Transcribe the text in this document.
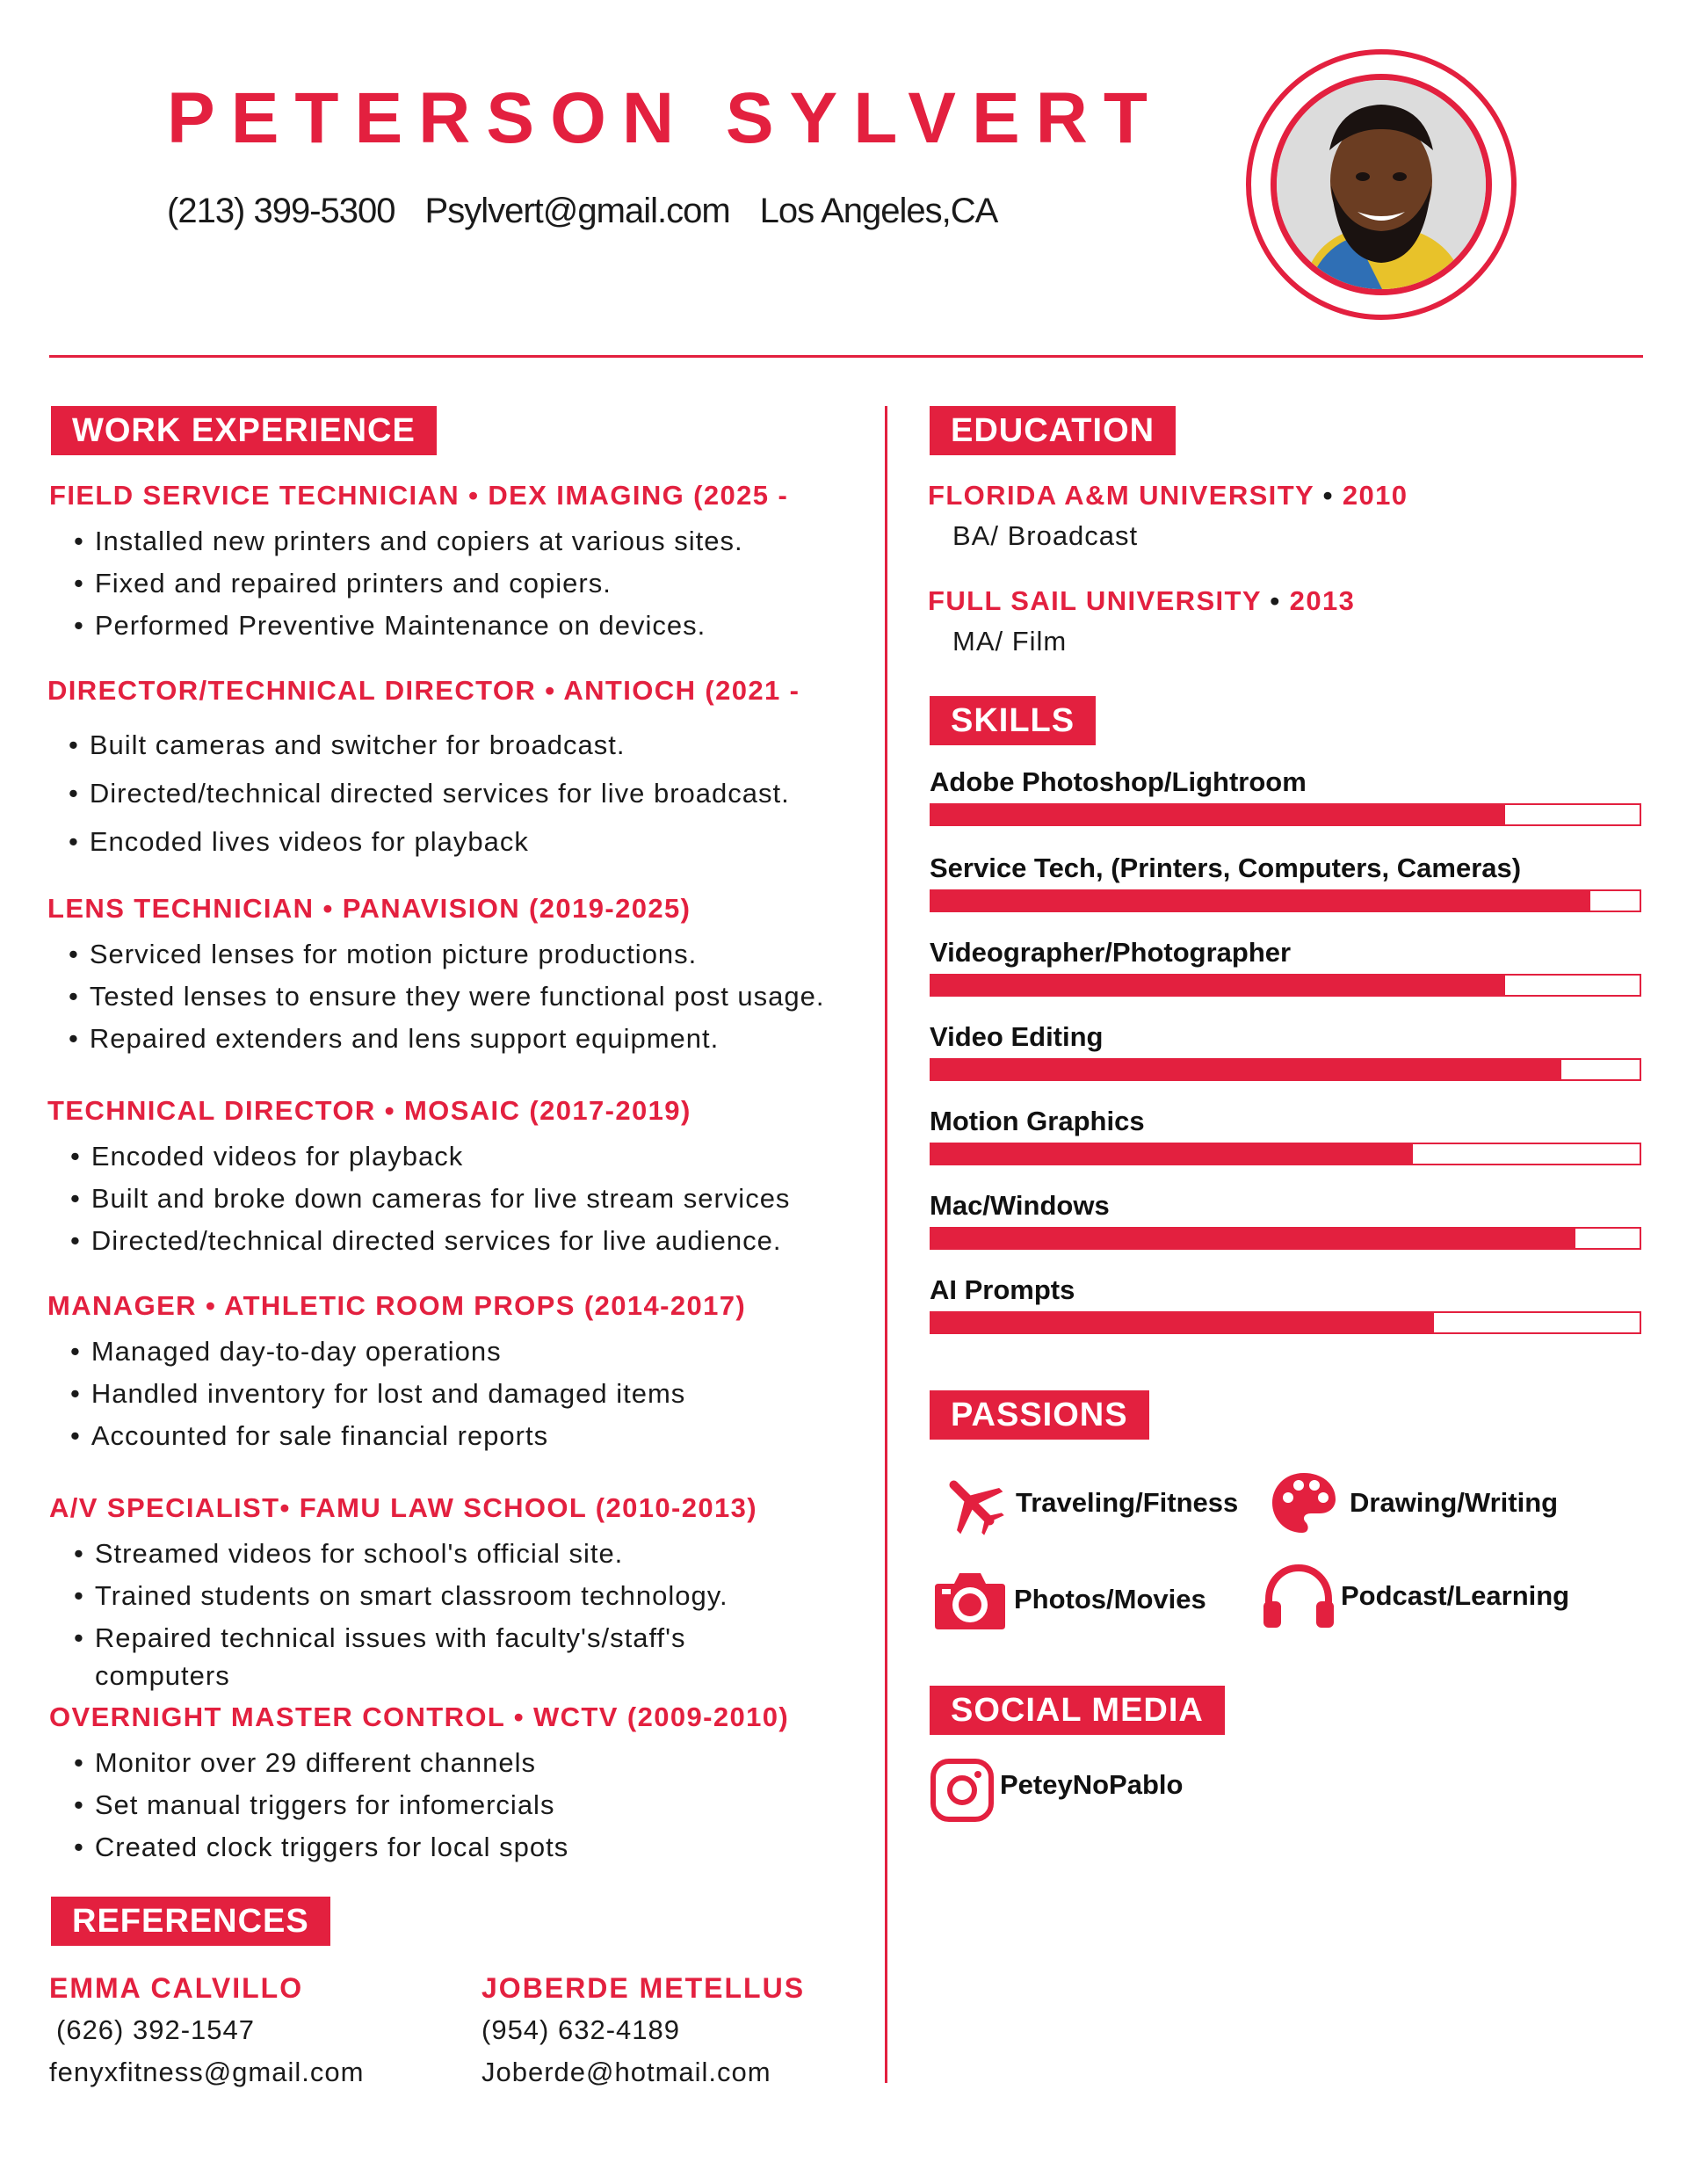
PETERSON SYLVERT
(213) 399-5300 Psylvert@gmail.com Los Angeles,CA
WORK EXPERIENCE
FIELD SERVICE TECHNICIAN • DEX IMAGING (2025 -
• Installed new printers and copiers at various sites.
• Fixed and repaired printers and copiers.
• Performed Preventive Maintenance on devices.
DIRECTOR/TECHNICAL DIRECTOR • ANTIOCH (2021 -
• Built cameras and switcher for broadcast.
• Directed/technical directed services for live broadcast.
• Encoded lives videos for playback
LENS TECHNICIAN • PANAVISION (2019-2025)
• Serviced lenses for motion picture productions.
• Tested lenses to ensure they were functional post usage.
• Repaired extenders and lens support equipment.
TECHNICAL DIRECTOR • MOSAIC (2017-2019)
• Encoded videos for playback
• Built and broke down cameras for live stream services
• Directed/technical directed services for live audience.
MANAGER • ATHLETIC ROOM PROPS (2014-2017)
• Managed day-to-day operations
• Handled inventory for lost and damaged items
• Accounted for sale financial reports
A/V SPECIALIST• FAMU LAW SCHOOL (2010-2013)
• Streamed videos for school's official site.
• Trained students on smart classroom technology.
• Repaired technical issues with faculty's/staff's
computers
OVERNIGHT MASTER CONTROL • WCTV (2009-2010)
• Monitor over 29 different channels
• Set manual triggers for infomercials
• Created clock triggers for local spots
REFERENCES
EMMA CALVILLO
(626) 392-1547
fenyxfitness@gmail.com
JOBERDE METELLUS
(954) 632-4189
Joberde@hotmail.com
EDUCATION
FLORIDA A&M UNIVERSITY • 2010
BA/ Broadcast
FULL SAIL UNIVERSITY • 2013
MA/ Film
SKILLS
Adobe Photoshop/Lightroom
Service Tech, (Printers, Computers, Cameras)
Videographer/Photographer
Video Editing
Motion Graphics
Mac/Windows
AI Prompts
PASSIONS
Traveling/Fitness	Drawing/Writing
Photos/Movies	Podcast/Learning
SOCIAL MEDIA
PeteyNoPablo
